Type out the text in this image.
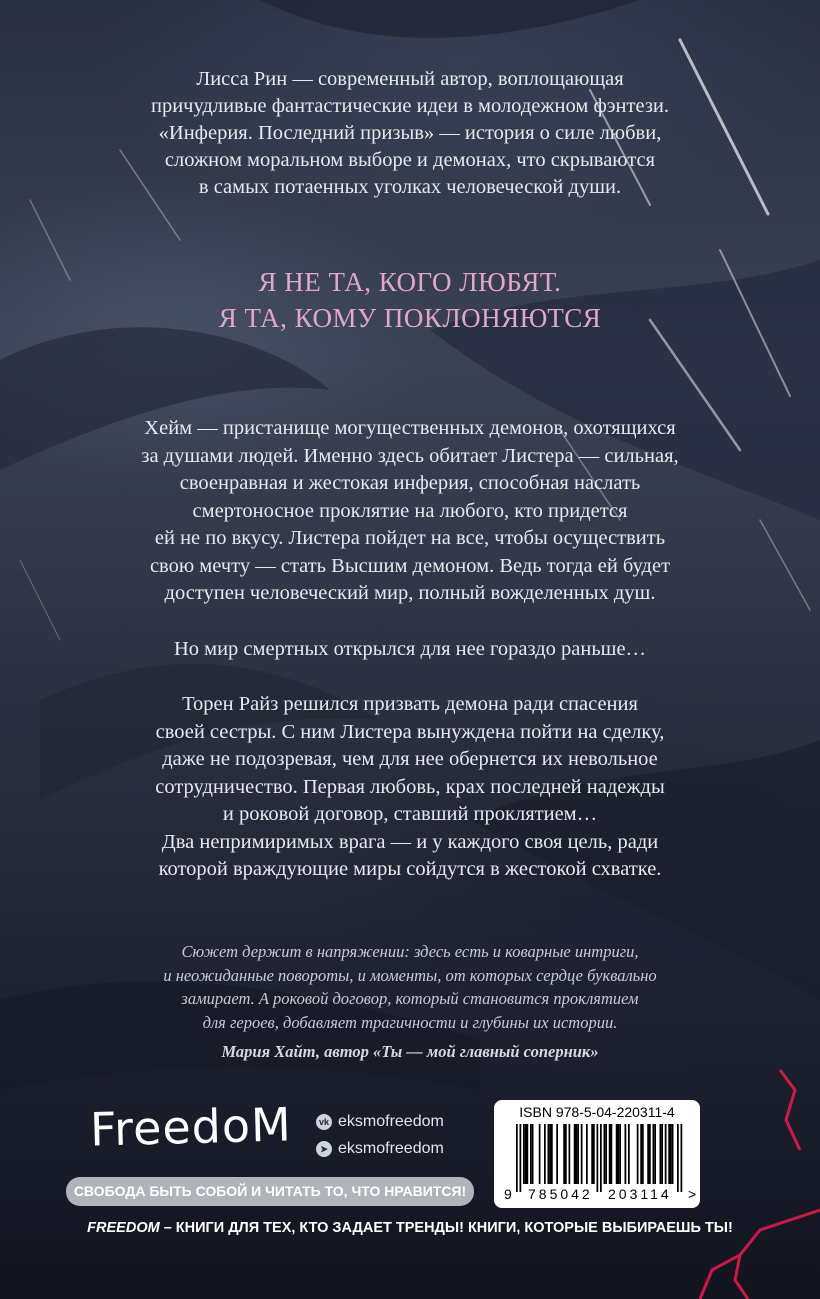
Лисса Рин — современный автор, воплощающая
причудливые фантастические идеи в молодежном фэнтези.
«Инферия. Последний призыв» — история о силе любви,
сложном моральном выборе и демонах, что скрываются
в самых потаенных уголках человеческой души.
Я НЕ ТА, КОГО ЛЮБЯТ.
Я ТА, КОМУ ПОКЛОНЯЮТСЯ

Хейм — пристанище могущественных демонов, охотящихся
за душами людей. Именно здесь обитает Листера — сильная,
своенравная и жестокая инферия, способная наслать
смертоносное проклятие на любого, кто придется
ей не по вкусу. Листера пойдет на все, чтобы осуществить
свою мечту — стать Высшим демоном. Ведь тогда ей будет
доступен человеческий мир, полный вожделенных душ.

Но мир смертных открылся для нее гораздо раньше…

Торен Райз решился призвать демона ради спасения
своей сестры. С ним Листера вынуждена пойти на сделку,
даже не подозревая, чем для нее обернется их невольное
сотрудничество. Первая любовь, крах последней надежды
и роковой договор, ставший проклятием…
Два непримиримых врага — и у каждого своя цель, ради
которой враждующие миры сойдутся в жестокой схватке.

Сюжет держит в напряжении: здесь есть и коварные интриги,
и неожиданные повороты, и моменты, от которых сердце буквально
замирает. А роковой договор, который становится проклятием
для героев, добавляет трагичности и глубины их истории.
Мария Хайт, автор «Ты — мой главный соперник»
FreedoM	vk eksmofreedom
➤ eksmofreedom
СВОБОДА БЫТЬ СОБОЙ И ЧИТАТЬ ТО, ЧТО НРАВИТСЯ!
ISBN 978-5-04-220311-4
9 785042 203114 >
FREEDOM – КНИГИ ДЛЯ ТЕХ, КТО ЗАДАЕТ ТРЕНДЫ! КНИГИ, КОТОРЫЕ ВЫБИРАЕШЬ ТЫ!
